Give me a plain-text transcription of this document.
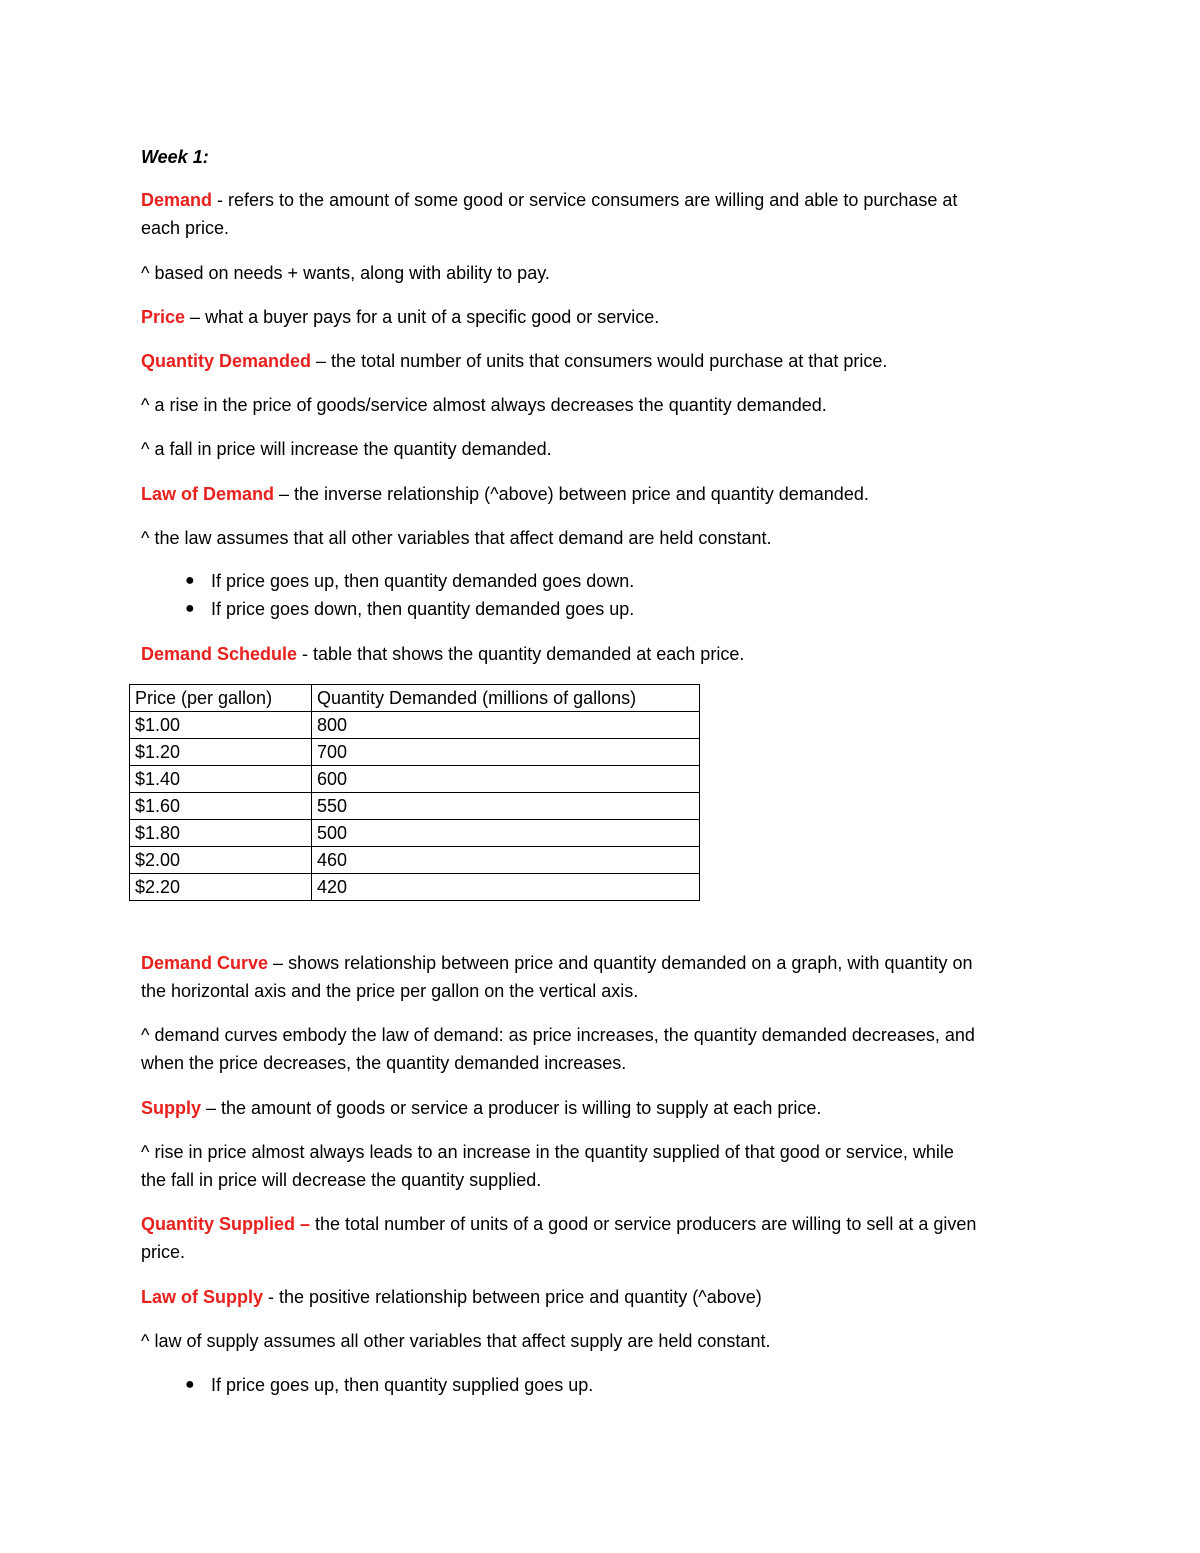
Week 1:
Demand - refers to the amount of some good or service consumers are willing and able to purchase at
each price.
^ based on needs + wants, along with ability to pay.
Price – what a buyer pays for a unit of a specific good or service.
Quantity Demanded – the total number of units that consumers would purchase at that price.
^ a rise in the price of goods/service almost always decreases the quantity demanded.
^ a fall in price will increase the quantity demanded.
Law of Demand – the inverse relationship (^above) between price and quantity demanded.
^ the law assumes that all other variables that affect demand are held constant.
● If price goes up, then quantity demanded goes down.
● If price goes down, then quantity demanded goes up.
Demand Schedule - table that shows the quantity demanded at each price.
Price (per gallon)	Quantity Demanded (millions of gallons)
$1.00	800
$1.20	700
$1.40	600
$1.60	550
$1.80	500
$2.00	460
$2.20	420
Demand Curve – shows relationship between price and quantity demanded on a graph, with quantity on
the horizontal axis and the price per gallon on the vertical axis.
^ demand curves embody the law of demand: as price increases, the quantity demanded decreases, and
when the price decreases, the quantity demanded increases.
Supply – the amount of goods or service a producer is willing to supply at each price.
^ rise in price almost always leads to an increase in the quantity supplied of that good or service, while
the fall in price will decrease the quantity supplied.
Quantity Supplied – the total number of units of a good or service producers are willing to sell at a given
price.
Law of Supply - the positive relationship between price and quantity (^above)
^ law of supply assumes all other variables that affect supply are held constant.
● If price goes up, then quantity supplied goes up.
